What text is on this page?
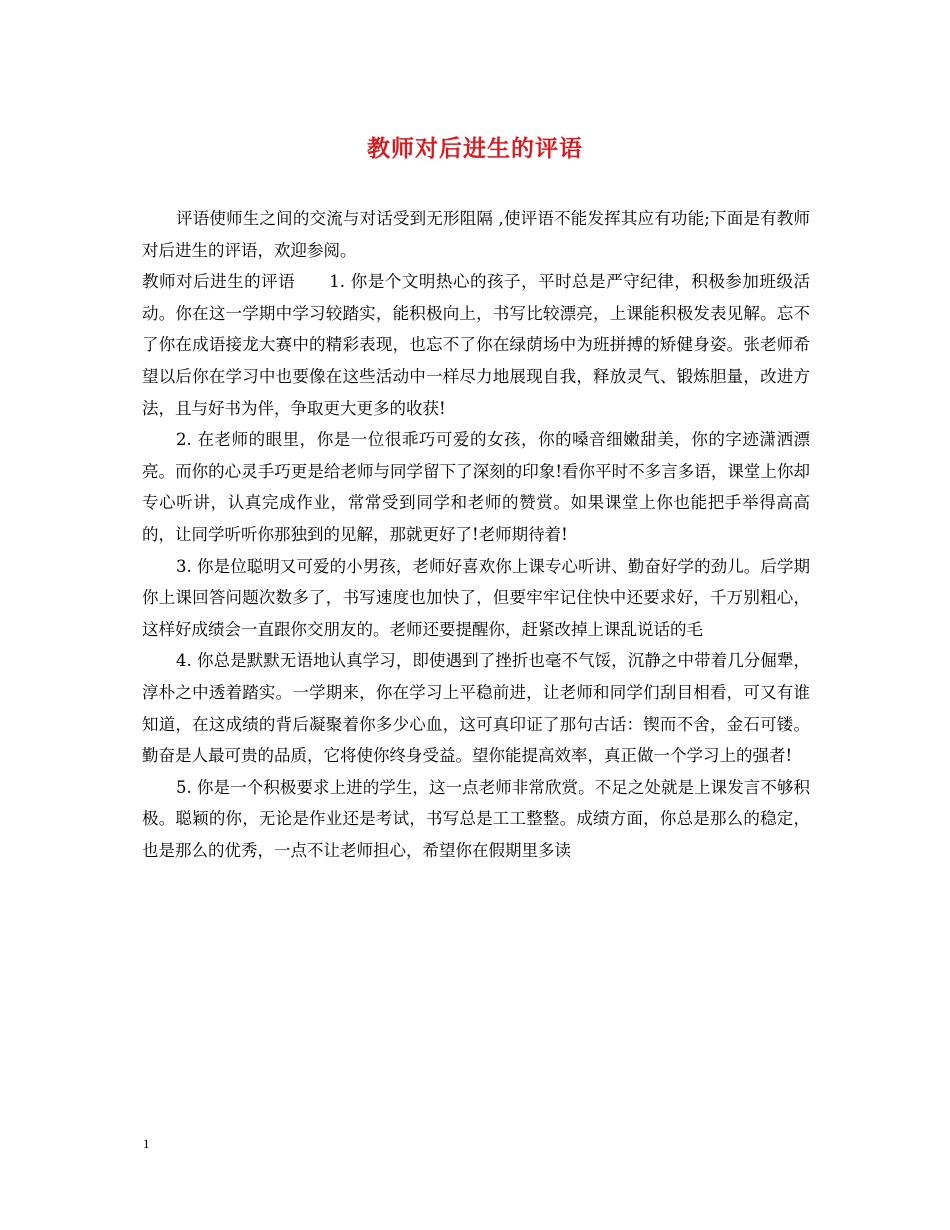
教师对后进生的评语

评语使师生之间的交流与对话受到无形阻隔 ,使评语不能发挥其应有功能;下面是有教师对后进生的评语，欢迎参阅。

教师对后进生的评语　　1. 你是个文明热心的孩子，平时总是严守纪律，积极参加班级活动。你在这一学期中学习较踏实，能积极向上，书写比较漂亮，上课能积极发表见解。忘不了你在成语接龙大赛中的精彩表现，也忘不了你在绿荫场中为班拼搏的矫健身姿。张老师希望以后你在学习中也要像在这些活动中一样尽力地展现自我，释放灵气、锻炼胆量，改进方法，且与好书为伴，争取更大更多的收获!

2. 在老师的眼里，你是一位很乖巧可爱的女孩，你的嗓音细嫩甜美，你的字迹潇洒漂亮。而你的心灵手巧更是给老师与同学留下了深刻的印象!看你平时不多言多语，课堂上你却专心听讲，认真完成作业，常常受到同学和老师的赞赏。如果课堂上你也能把手举得高高的，让同学听听你那独到的见解，那就更好了!老师期待着!

3. 你是位聪明又可爱的小男孩，老师好喜欢你上课专心听讲、勤奋好学的劲儿。后学期你上课回答问题次数多了，书写速度也加快了，但要牢牢记住快中还要求好，千万别粗心，这样好成绩会一直跟你交朋友的。老师还要提醒你，赶紧改掉上课乱说话的毛

4. 你总是默默无语地认真学习，即使遇到了挫折也毫不气馁，沉静之中带着几分倔犟，淳朴之中透着踏实。一学期来，你在学习上平稳前进，让老师和同学们刮目相看，可又有谁知道，在这成绩的背后凝聚着你多少心血，这可真印证了那句古话：锲而不舍，金石可镂。勤奋是人最可贵的品质，它将使你终身受益。望你能提高效率，真正做一个学习上的强者!

5. 你是一个积极要求上进的学生，这一点老师非常欣赏。不足之处就是上课发言不够积极。聪颖的你，无论是作业还是考试，书写总是工工整整。成绩方面，你总是那么的稳定，也是那么的优秀，一点不让老师担心，希望你在假期里多读

1
